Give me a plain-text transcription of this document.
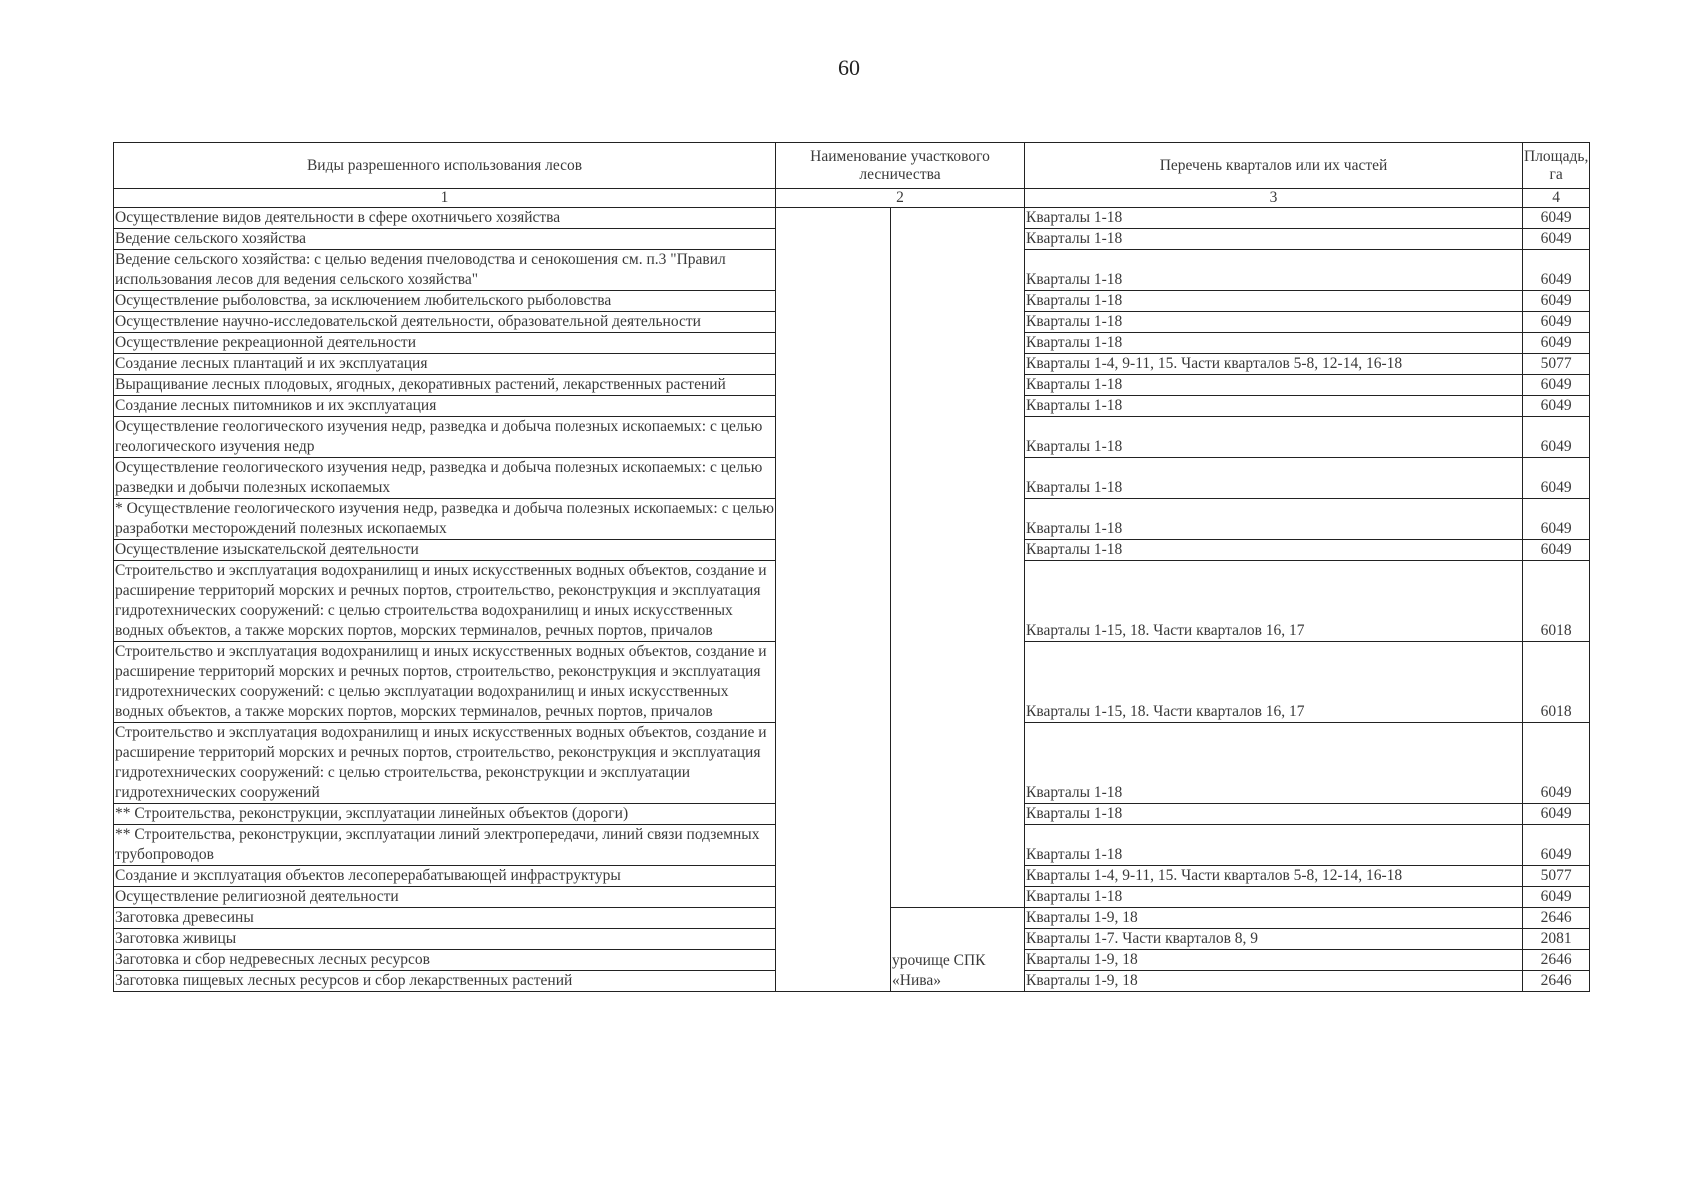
60
Виды разрешенного использования лесов	Наименование участкового лесничества		Перечень кварталов или их частей	Площадь, га
1	2		3	4
Осуществление видов деятельности в сфере охотничьего хозяйства			Кварталы 1-18	6049
Ведение сельского хозяйства			Кварталы 1-18	6049
Ведение сельского хозяйства: с целью ведения пчеловодства и сенокошения см. п.3 "Правил использования лесов для ведения сельского хозяйства"			Кварталы 1-18	6049
Осуществление рыболовства, за исключением любительского рыболовства			Кварталы 1-18	6049
Осуществление научно-исследовательской деятельности, образовательной деятельности			Кварталы 1-18	6049
Осуществление рекреационной деятельности			Кварталы 1-18	6049
Создание лесных плантаций и их эксплуатация			Кварталы 1-4, 9-11, 15. Части кварталов 5-8, 12-14, 16-18	5077
Выращивание лесных плодовых, ягодных, декоративных растений, лекарственных растений			Кварталы 1-18	6049
Создание лесных питомников и их эксплуатация			Кварталы 1-18	6049
Осуществление геологического изучения недр, разведка и добыча полезных ископаемых: с целью геологического изучения недр			Кварталы 1-18	6049
Осуществление геологического изучения недр, разведка и добыча полезных ископаемых: с целью разведки и добычи полезных ископаемых			Кварталы 1-18	6049
* Осуществление геологического изучения недр, разведка и добыча полезных ископаемых: с целью разработки месторождений полезных ископаемых			Кварталы 1-18	6049
Осуществление изыскательской деятельности			Кварталы 1-18	6049
Строительство и эксплуатация водохранилищ и иных искусственных водных объектов, создание и расширение территорий морских и речных портов, строительство, реконструкция и эксплуатация гидротехнических сооружений: с целью строительства водохранилищ и иных искусственных водных объектов, а также морских портов, морских терминалов, речных портов, причалов			Кварталы 1-15, 18. Части кварталов 16, 17	6018
Строительство и эксплуатация водохранилищ и иных искусственных водных объектов, создание и расширение территорий морских и речных портов, строительство, реконструкция и эксплуатация гидротехнических сооружений: с целью эксплуатации водохранилищ и иных искусственных водных объектов, а также морских портов, морских терминалов, речных портов, причалов			Кварталы 1-15, 18. Части кварталов 16, 17	6018
Строительство и эксплуатация водохранилищ и иных искусственных водных объектов, создание и расширение территорий морских и речных портов, строительство, реконструкция и эксплуатация гидротехнических сооружений: с целью строительства, реконструкции и эксплуатации гидротехнических сооружений			Кварталы 1-18	6049
** Строительства, реконструкции, эксплуатации линейных объектов (дороги)			Кварталы 1-18	6049
** Строительства, реконструкции, эксплуатации линий электропередачи, линий связи подземных трубопроводов			Кварталы 1-18	6049
Создание и эксплуатация объектов лесоперерабатывающей инфраструктуры			Кварталы 1-4, 9-11, 15. Части кварталов 5-8, 12-14, 16-18	5077
Осуществление религиозной деятельности			Кварталы 1-18	6049
Заготовка древесины		урочище СПК «Нива»	Кварталы 1-9, 18	2646
Заготовка живицы			Кварталы 1-7. Части кварталов 8, 9	2081
Заготовка и сбор недревесных лесных ресурсов			Кварталы 1-9, 18	2646
Заготовка пищевых лесных ресурсов и сбор лекарственных растений			Кварталы 1-9, 18	2646
